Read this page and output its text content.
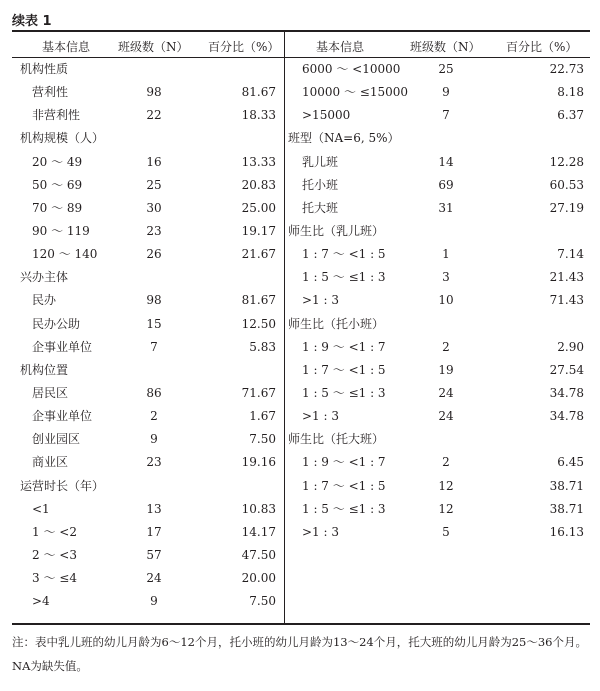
续表 1
基本信息 班级数（N） 百分比（%）
机构性质
营利性	98	81.67
非营利性	22	18.33
机构规模（人）
20 ～ 49	16	13.33
50 ～ 69	25	20.83
70 ～ 89	30	25.00
90 ～ 119	23	19.17
120 ～ 140	26	21.67
兴办主体
民办	98	81.67
民办公助	15	12.50
企事业单位	7	5.83
机构位置
居民区	86	71.67
企事业单位	2	1.67
创业园区	9	7.50
商业区	23	19.16
运营时长（年）
<1	13	10.83
1 ～ <2	17	14.17
2 ～ <3	57	47.50
3 ～ ≤4	24	20.00
>4	9	7.50
基本信息	班级数（N） 百分比（%）
6000 ～ <10000	25	22.73
10000 ～ ≤15000	9	8.18
>15000	7	6.37
班型（NA=6, 5%）
乳儿班	14	12.28
托小班	69	60.53
托大班	31	27.19
师生比（乳儿班）
1 : 7 ～ <1 : 5	1	7.14
1 : 5 ～ ≤1 : 3	3	21.43
>1 : 3	10	71.43
师生比（托小班）
1 : 9 ～ <1 : 7	2	2.90
1 : 7 ～ <1 : 5	19	27.54
1 : 5 ～ ≤1 : 3	24	34.78
>1 : 3	24	34.78
师生比（托大班）
1 : 9 ～ <1 : 7	2	6.45
1 : 7 ～ <1 : 5	12	38.71
1 : 5 ～ ≤1 : 3	12	38.71
>1 : 3	5	16.13
注：表中乳儿班的幼儿月龄为6～12个月，托小班的幼儿月龄为13～24个月，托大班的幼儿月龄为25～36个月。NA为缺失值。
